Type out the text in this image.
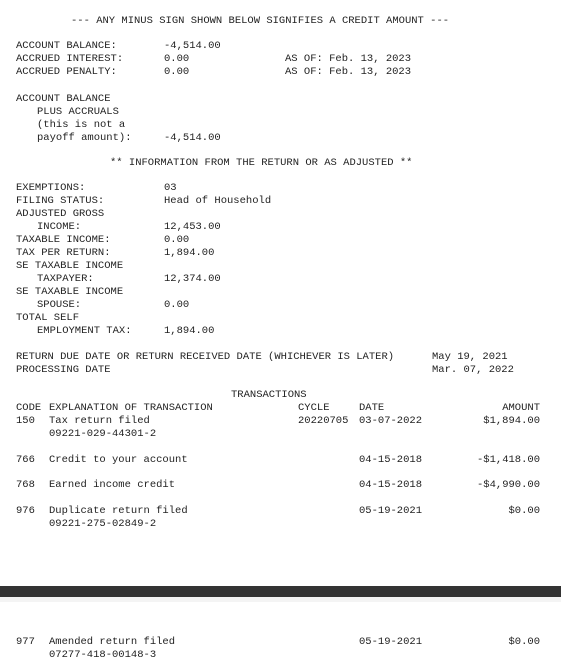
--- ANY MINUS SIGN SHOWN BELOW SIGNIFIES A CREDIT AMOUNT ---
ACCOUNT BALANCE:	-4,514.00
ACCRUED INTEREST:	0.00	AS OF: Feb. 13, 2023
ACCRUED PENALTY:	0.00	AS OF: Feb. 13, 2023
ACCOUNT BALANCE
PLUS ACCRUALS
(this is not a
payoff amount):	-4,514.00
** INFORMATION FROM THE RETURN OR AS ADJUSTED **
EXEMPTIONS:	03
FILING STATUS:	Head of Household
ADJUSTED GROSS
INCOME:	12,453.00
TAXABLE INCOME:	0.00
TAX PER RETURN:	1,894.00
SE TAXABLE INCOME
TAXPAYER:	12,374.00
SE TAXABLE INCOME
SPOUSE:	0.00
TOTAL SELF
EMPLOYMENT TAX:	1,894.00
RETURN DUE DATE OR RETURN RECEIVED DATE (WHICHEVER IS LATER)	May 19, 2021
PROCESSING DATE	Mar. 07, 2022
TRANSACTIONS
CODE EXPLANATION OF TRANSACTION	CYCLE	DATE	AMOUNT
150 Tax return filed	20220705 03-07-2022	$1,894.00
09221-029-44301-2
766 Credit to your account	04-15-2018	-$1,418.00
768 Earned income credit	04-15-2018	-$4,990.00
976 Duplicate return filed	05-19-2021	$0.00
09221-275-02849-2
977 Amended return filed	05-19-2021	$0.00
07277-418-00148-3
